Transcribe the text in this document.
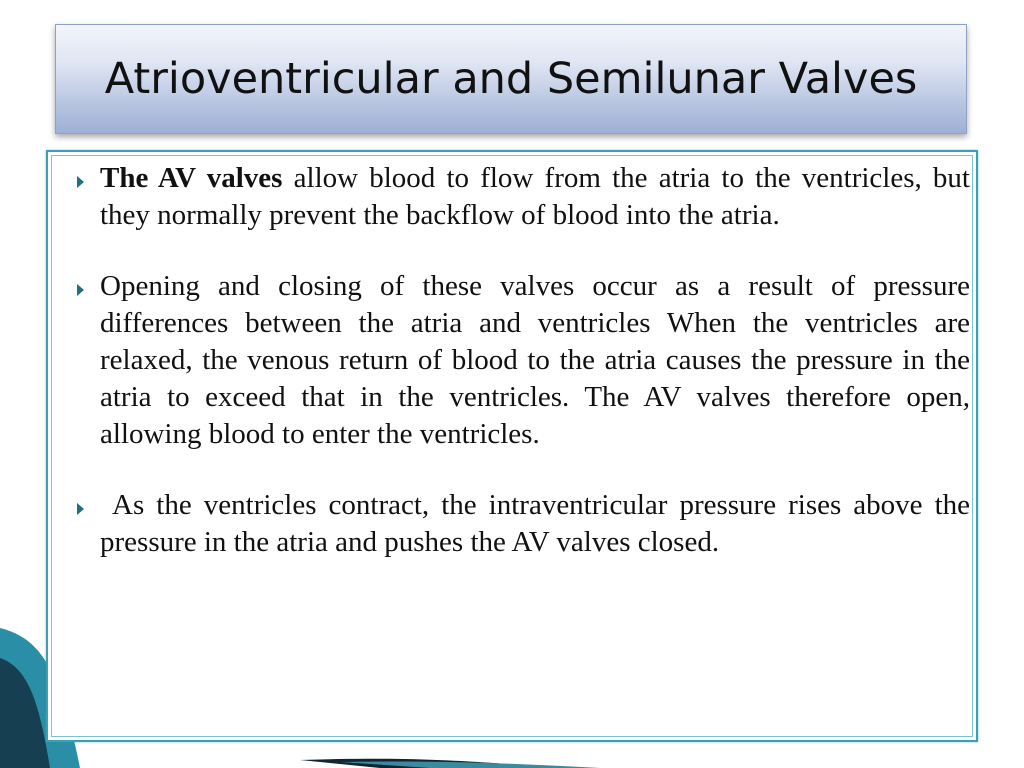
Atrioventricular and Semilunar Valves

The AV valves allow blood to flow from the atria to the ventricles, but they normally prevent the backflow of blood into the atria.

Opening and closing of these valves occur as a result of pressure differences between the atria and ventricles When the ventricles are relaxed, the venous return of blood to the atria causes the pressure in the atria to exceed that in the ventricles. The AV valves therefore open, allowing blood to enter the ventricles.

As the ventricles contract, the intraventricular pressure rises above the pressure in the atria and pushes the AV valves closed.
